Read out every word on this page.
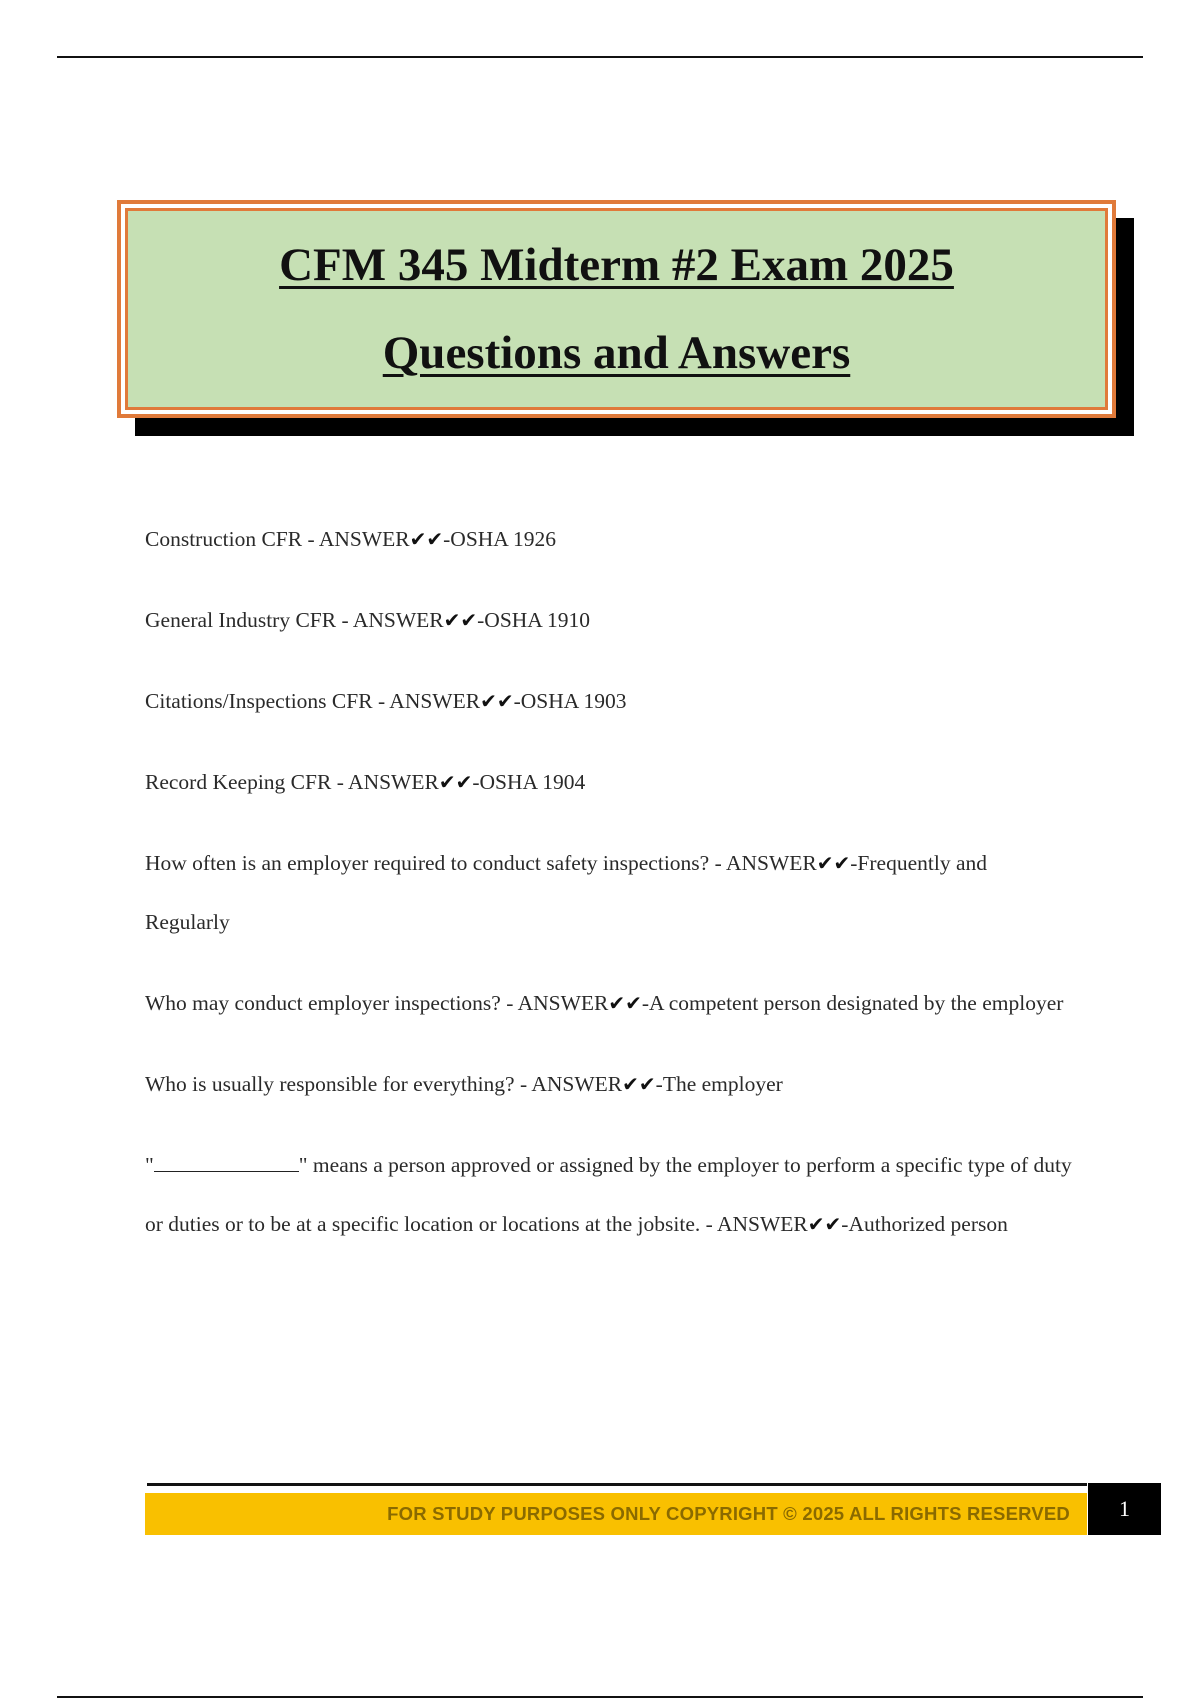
CFM 345 Midterm #2 Exam 2025
Questions and Answers

Construction CFR - ANSWER✔✔-OSHA 1926

General Industry CFR - ANSWER✔✔-OSHA 1910

Citations/Inspections CFR - ANSWER✔✔-OSHA 1903

Record Keeping CFR - ANSWER✔✔-OSHA 1904

How often is an employer required to conduct safety inspections? - ANSWER✔✔-Frequently and Regularly

Who may conduct employer inspections? - ANSWER✔✔-A competent person designated by the employer

Who is usually responsible for everything? - ANSWER✔✔-The employer

"	" means a person approved or assigned by the employer to perform a specific type of duty or duties or to be at a specific location or locations at the jobsite. - ANSWER✔✔-Authorized person

FOR STUDY PURPOSES ONLY COPYRIGHT © 2025 ALL RIGHTS RESERVED 1
